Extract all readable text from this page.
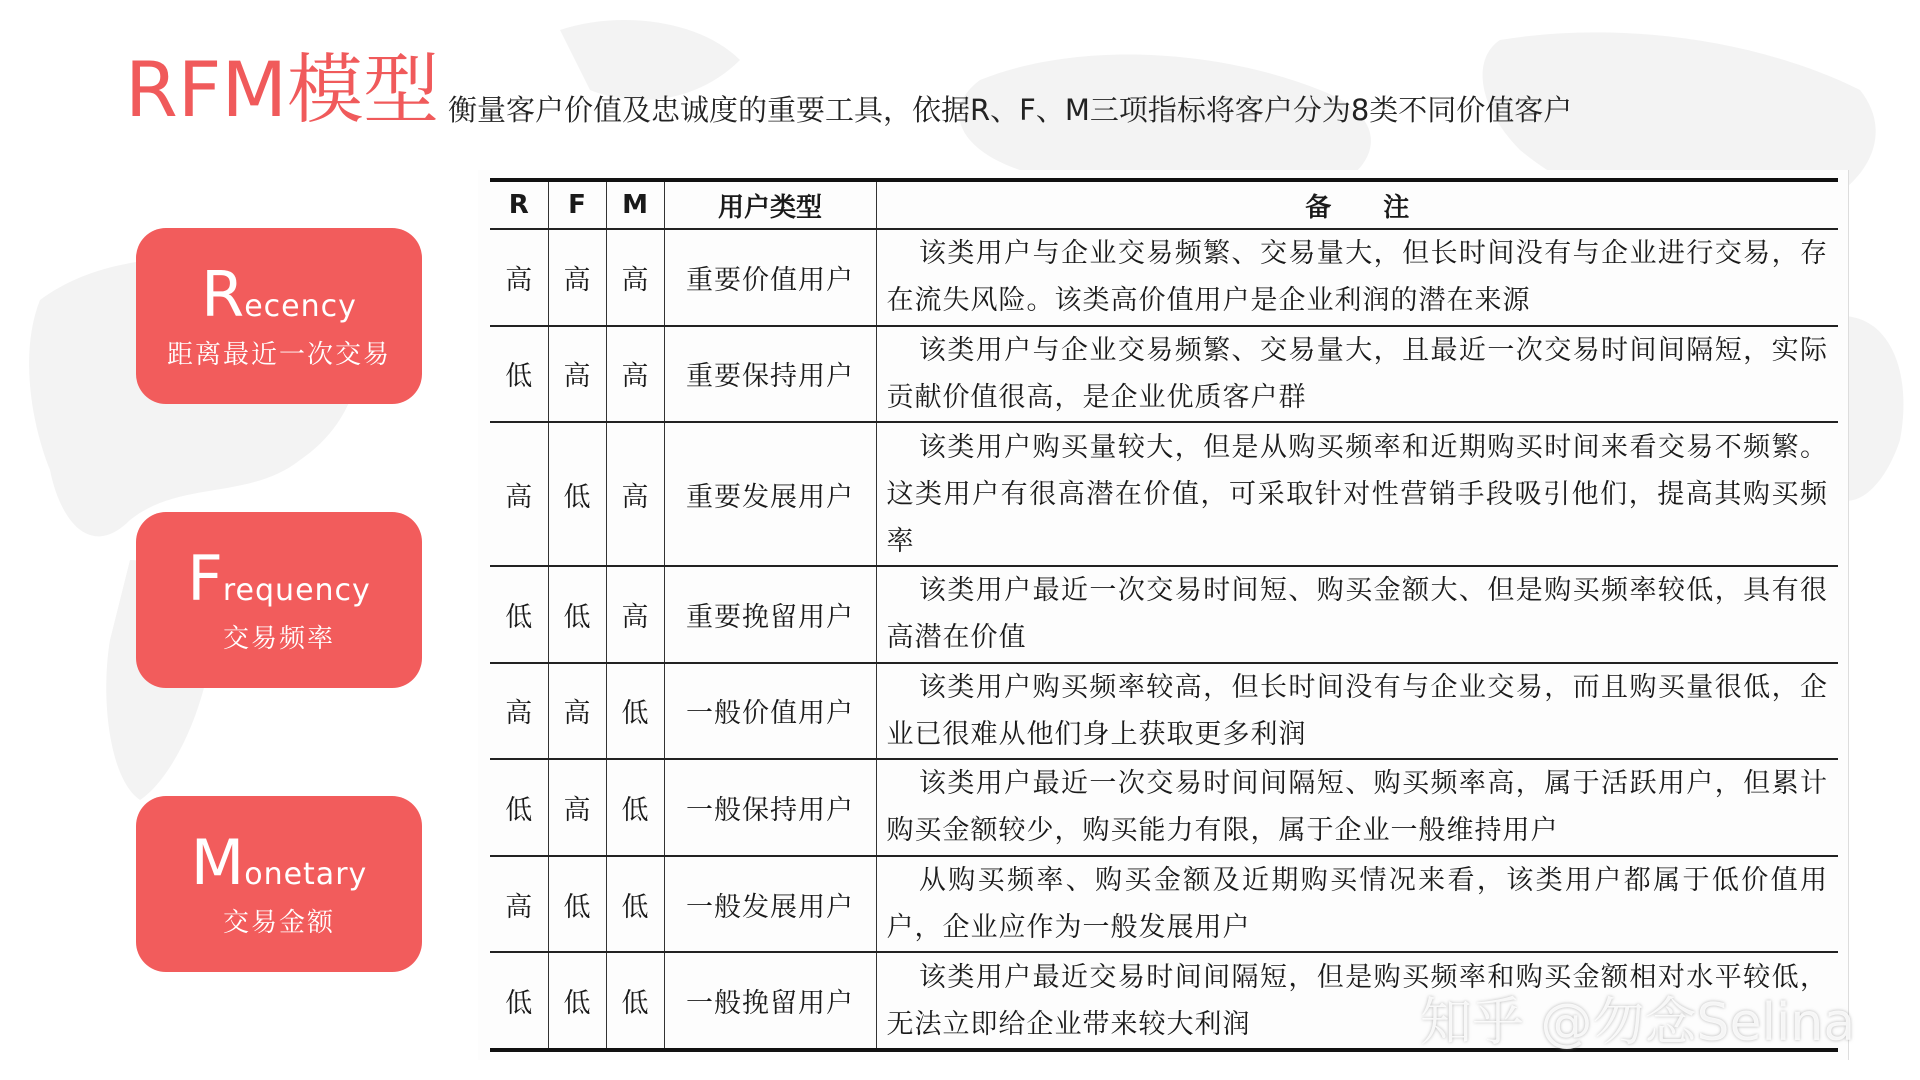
RFM模型 衡量客户价值及忠诚度的重要工具，依据R、F、M三项指标将客户分为8类不同价值客户

Recency
距离最近一次交易
Frequency
交易频率
Monetary
交易金额
R	F	M	用户类型	备　　注
高	高	高	重要价值用户	该类用户与企业交易频繁、交易量大，但长时间没有与企业进行交易，存在流失风险。该类高价值用户是企业利润的潜在来源
低	高	高	重要保持用户	该类用户与企业交易频繁、交易量大，且最近一次交易时间间隔短，实际贡献价值很高，是企业优质客户群
高	低	高	重要发展用户	该类用户购买量较大，但是从购买频率和近期购买时间来看交易不频繁。这类用户有很高潜在价值，可采取针对性营销手段吸引他们，提高其购买频率
低	低	高	重要挽留用户	该类用户最近一次交易时间短、购买金额大、但是购买频率较低，具有很高潜在价值
高	高	低	一般价值用户	该类用户购买频率较高，但长时间没有与企业交易，而且购买量很低，企业已很难从他们身上获取更多利润
低	高	低	一般保持用户	该类用户最近一次交易时间间隔短、购买频率高，属于活跃用户，但累计购买金额较少，购买能力有限，属于企业一般维持用户
高	低	低	一般发展用户	从购买频率、购买金额及近期购买情况来看，该类用户都属于低价值用户，企业应作为一般发展用户
低	低	低	一般挽留用户	该类用户最近交易时间间隔短，但是购买频率和购买金额相对水平较低，无法立即给企业带来较大利润	知乎 @勿念Selina
